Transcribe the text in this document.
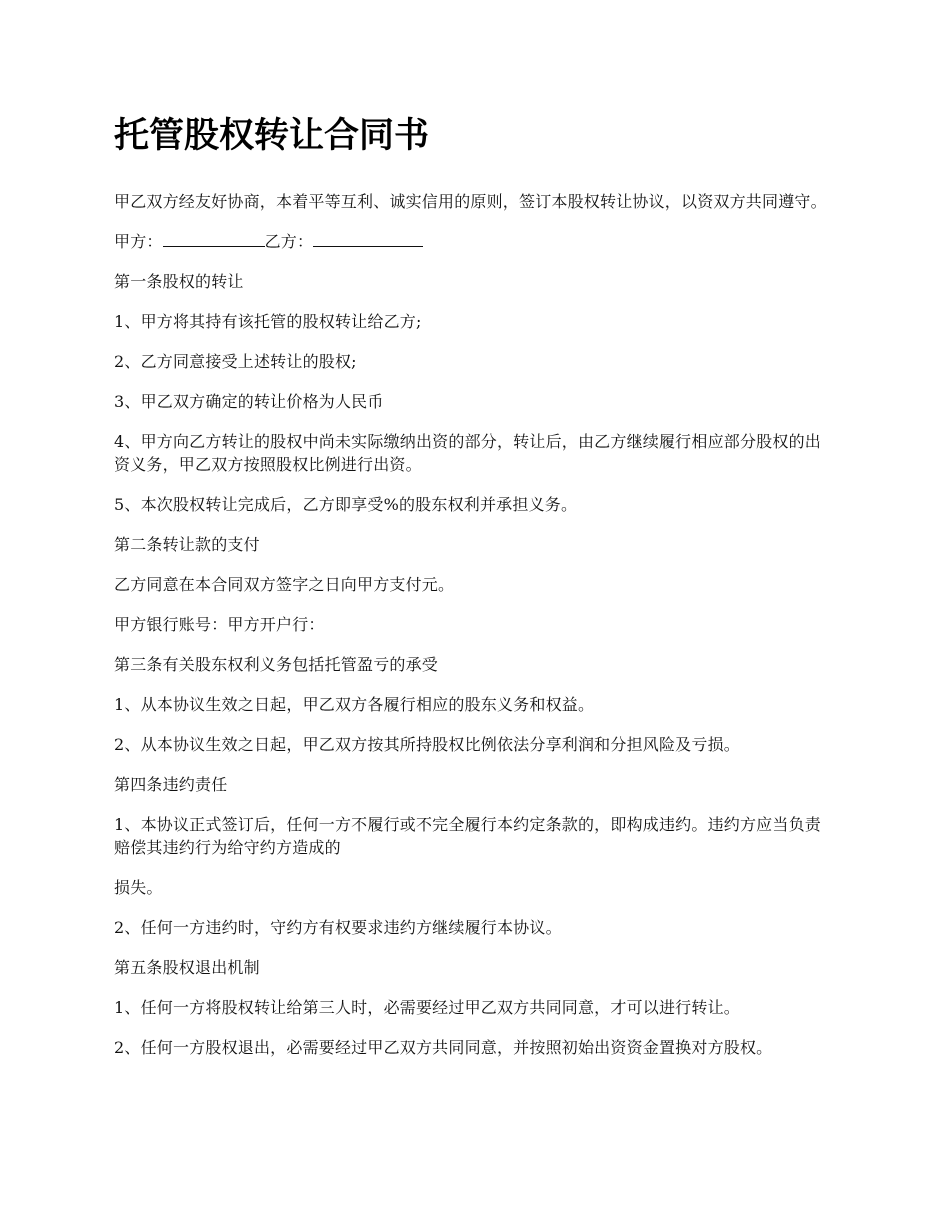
托管股权转让合同书

甲乙双方经友好协商，本着平等互利、诚实信用的原则，签订本股权转让协议，以资双方共同遵守。

甲方：	乙方：

第一条股权的转让

1、甲方将其持有该托管的股权转让给乙方;

2、乙方同意接受上述转让的股权;

3、甲乙双方确定的转让价格为人民币

4、甲方向乙方转让的股权中尚未实际缴纳出资的部分，转让后，由乙方继续履行相应部分股权的出资义务，甲乙双方按照股权比例进行出资。

5、本次股权转让完成后，乙方即享受%的股东权利并承担义务。

第二条转让款的支付

乙方同意在本合同双方签字之日向甲方支付元。

甲方银行账号：甲方开户行：

第三条有关股东权利义务包括托管盈亏的承受

1、从本协议生效之日起，甲乙双方各履行相应的股东义务和权益。

2、从本协议生效之日起，甲乙双方按其所持股权比例依法分享利润和分担风险及亏损。

第四条违约责任

1、本协议正式签订后，任何一方不履行或不完全履行本约定条款的，即构成违约。违约方应当负责赔偿其违约行为给守约方造成的

损失。

2、任何一方违约时，守约方有权要求违约方继续履行本协议。

第五条股权退出机制

1、任何一方将股权转让给第三人时，必需要经过甲乙双方共同同意，才可以进行转让。

2、任何一方股权退出，必需要经过甲乙双方共同同意，并按照初始出资资金置换对方股权。
